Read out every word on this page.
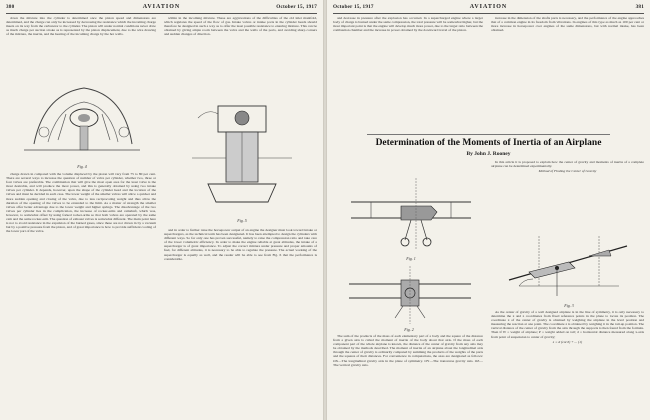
380	AVIATION	October 15, 1917

down the mixture into the cylinder is determined once the piston speed and dimensions are determined, and the charge can only be increased by decreasing the resistance which the incoming charge meets on its way from the carburetor to the cylinder. The piston will under normal conditions never draw as much charge per suction stroke as is represented by the piston displacement, due to the wire drawing of the mixture, the inertia, and the heating of the incoming charge by the hot walls.

Fig. 4

charge drawn in compared with the volume displaced by the piston will vary from 75 to 80 per cent. There are several ways to increase the question of number of valve per cylinder, whether two, three or four valves are preferable. The combination that will give the most open area for the least valve is the most desirable, and will produce the most power, and this is generally obtained by using two intake valves per cylinder. It depends, however, upon the shape of the cylinder head and the location of the valves and must be decided in each case. The lower weight of the smaller valves will allow a quicker and more sudden opening and closing of the valve, due to less reciprocating weight and thus allow the duration of the opening of the valves to be extended to the limit. As a matter of strength the smaller valves offer better advantage due to the lower weight and higher springs. The disadvantage of the two valves per cylinder lies in the complication, the increase of rocker-arms and camshaft, which was, however, to somewhat offset by using forked rocker-arms so that both valves are operated by the same cam and the same rocker-arm. The question of exhaust valves is somewhat different. The main point here is not to avoid resistance in the expulsion of the burned gases, since these are not drawn in by a vacuum but by a positive pressure from the piston, and of great importance is how to provide sufficient cooling of the lower part of the valve.

within in the incoming mixture. These are aggravations of the difficulties of the old inlet manifold, which regulates the speed of the flow of gas. Intake valves or intake ports in the cylinder heads should therefore be designed in such a way as to offer the least possible resistance to entering mixture. This can be obtained by giving ample room between the valve and the walls of the ports, and avoiding sharp corners and sudden changes of direction.

Fig. 5

and in order to further raise the horsepower output of an engine the designer must look toward intake or superchargers, as the technical term has been designated. It has been attempted to design the cylinders with different ways. So far only one has proven successful, namely to raise the compression ratio and take care of the lower volumetric efficiency. In order to make the engine reliable at great altitudes, the intake of a supercharger is of great importance. To adjust the correct mixture under pressure and proper amounts of fuel, for different altitudes, it is necessary to be able to regulate the pressure. The actual working of the supercharger is equally as well, and the reader will be able to see from Fig. 6 that the performance is considerable.

October 15, 1917	AVIATION	381

and decrease in pressure after the explosion has occurred. In a supercharged engine where a larger body of charge is burned under the same compression, the total pressure will be somewhat higher, but the most important point is that the engine will develop much more power, due to the larger ratio between the combustion chamber and the increase in power obtained by the downward travel of the piston.

increase in the dimension of the shafts parts is necessary, and the performance of the engine approaches that of a common engine in its freedom from vibrations. In engines of this type as much as 100 per cent or more increase in horsepower over engines of the same dimensions, but with normal intake, has been obtained.

Determination of the Moments of Inertia of an Airplane
By John J. Rooney
Fig. 1
Fig. 2

The sum of the products of the mass of each elementary part of a body and the square of the distance from a given axis is called the moment of inertia of the body about that axis. If the mass of each component part of the whole airplane is known, the distance of the center of gravity from any axis may be obtained by the methods described. The moment of inertia of an airplane about the longitudinal axis through the center of gravity is ordinarily computed by summing the products of the weights of the parts and the squares of their distances. For convenience in computations, the axes are designated as follows: OX—The longitudinal gravity axis in the plane of symmetry. OY—The transverse gravity axis. OZ—The vertical gravity axis.

In this article it is proposed to explain how the center of gravity and moments of inertia of a complete airplane can be determined experimentally.

Method of Finding the Center of Gravity

Fig. 3

As the center of gravity of a well designed airplane is in the line of symmetry, it is only necessary to determine the x and z coordinates from fixed reference points in the plane to locate its position. The coordinate x of the center of gravity is obtained by weighing the airplane in the level position and measuring the reaction at one point. The coordinate z is obtained by weighing it in the tail-up position. The vertical distance of the center of gravity from the axis through the supports is then found from the formula. Then if W = weight of airplane; P = weight added on tail; d = horizontal distance measured along x-axis from point of suspension to center of gravity;

z = d (cot θ) + ... (1)
